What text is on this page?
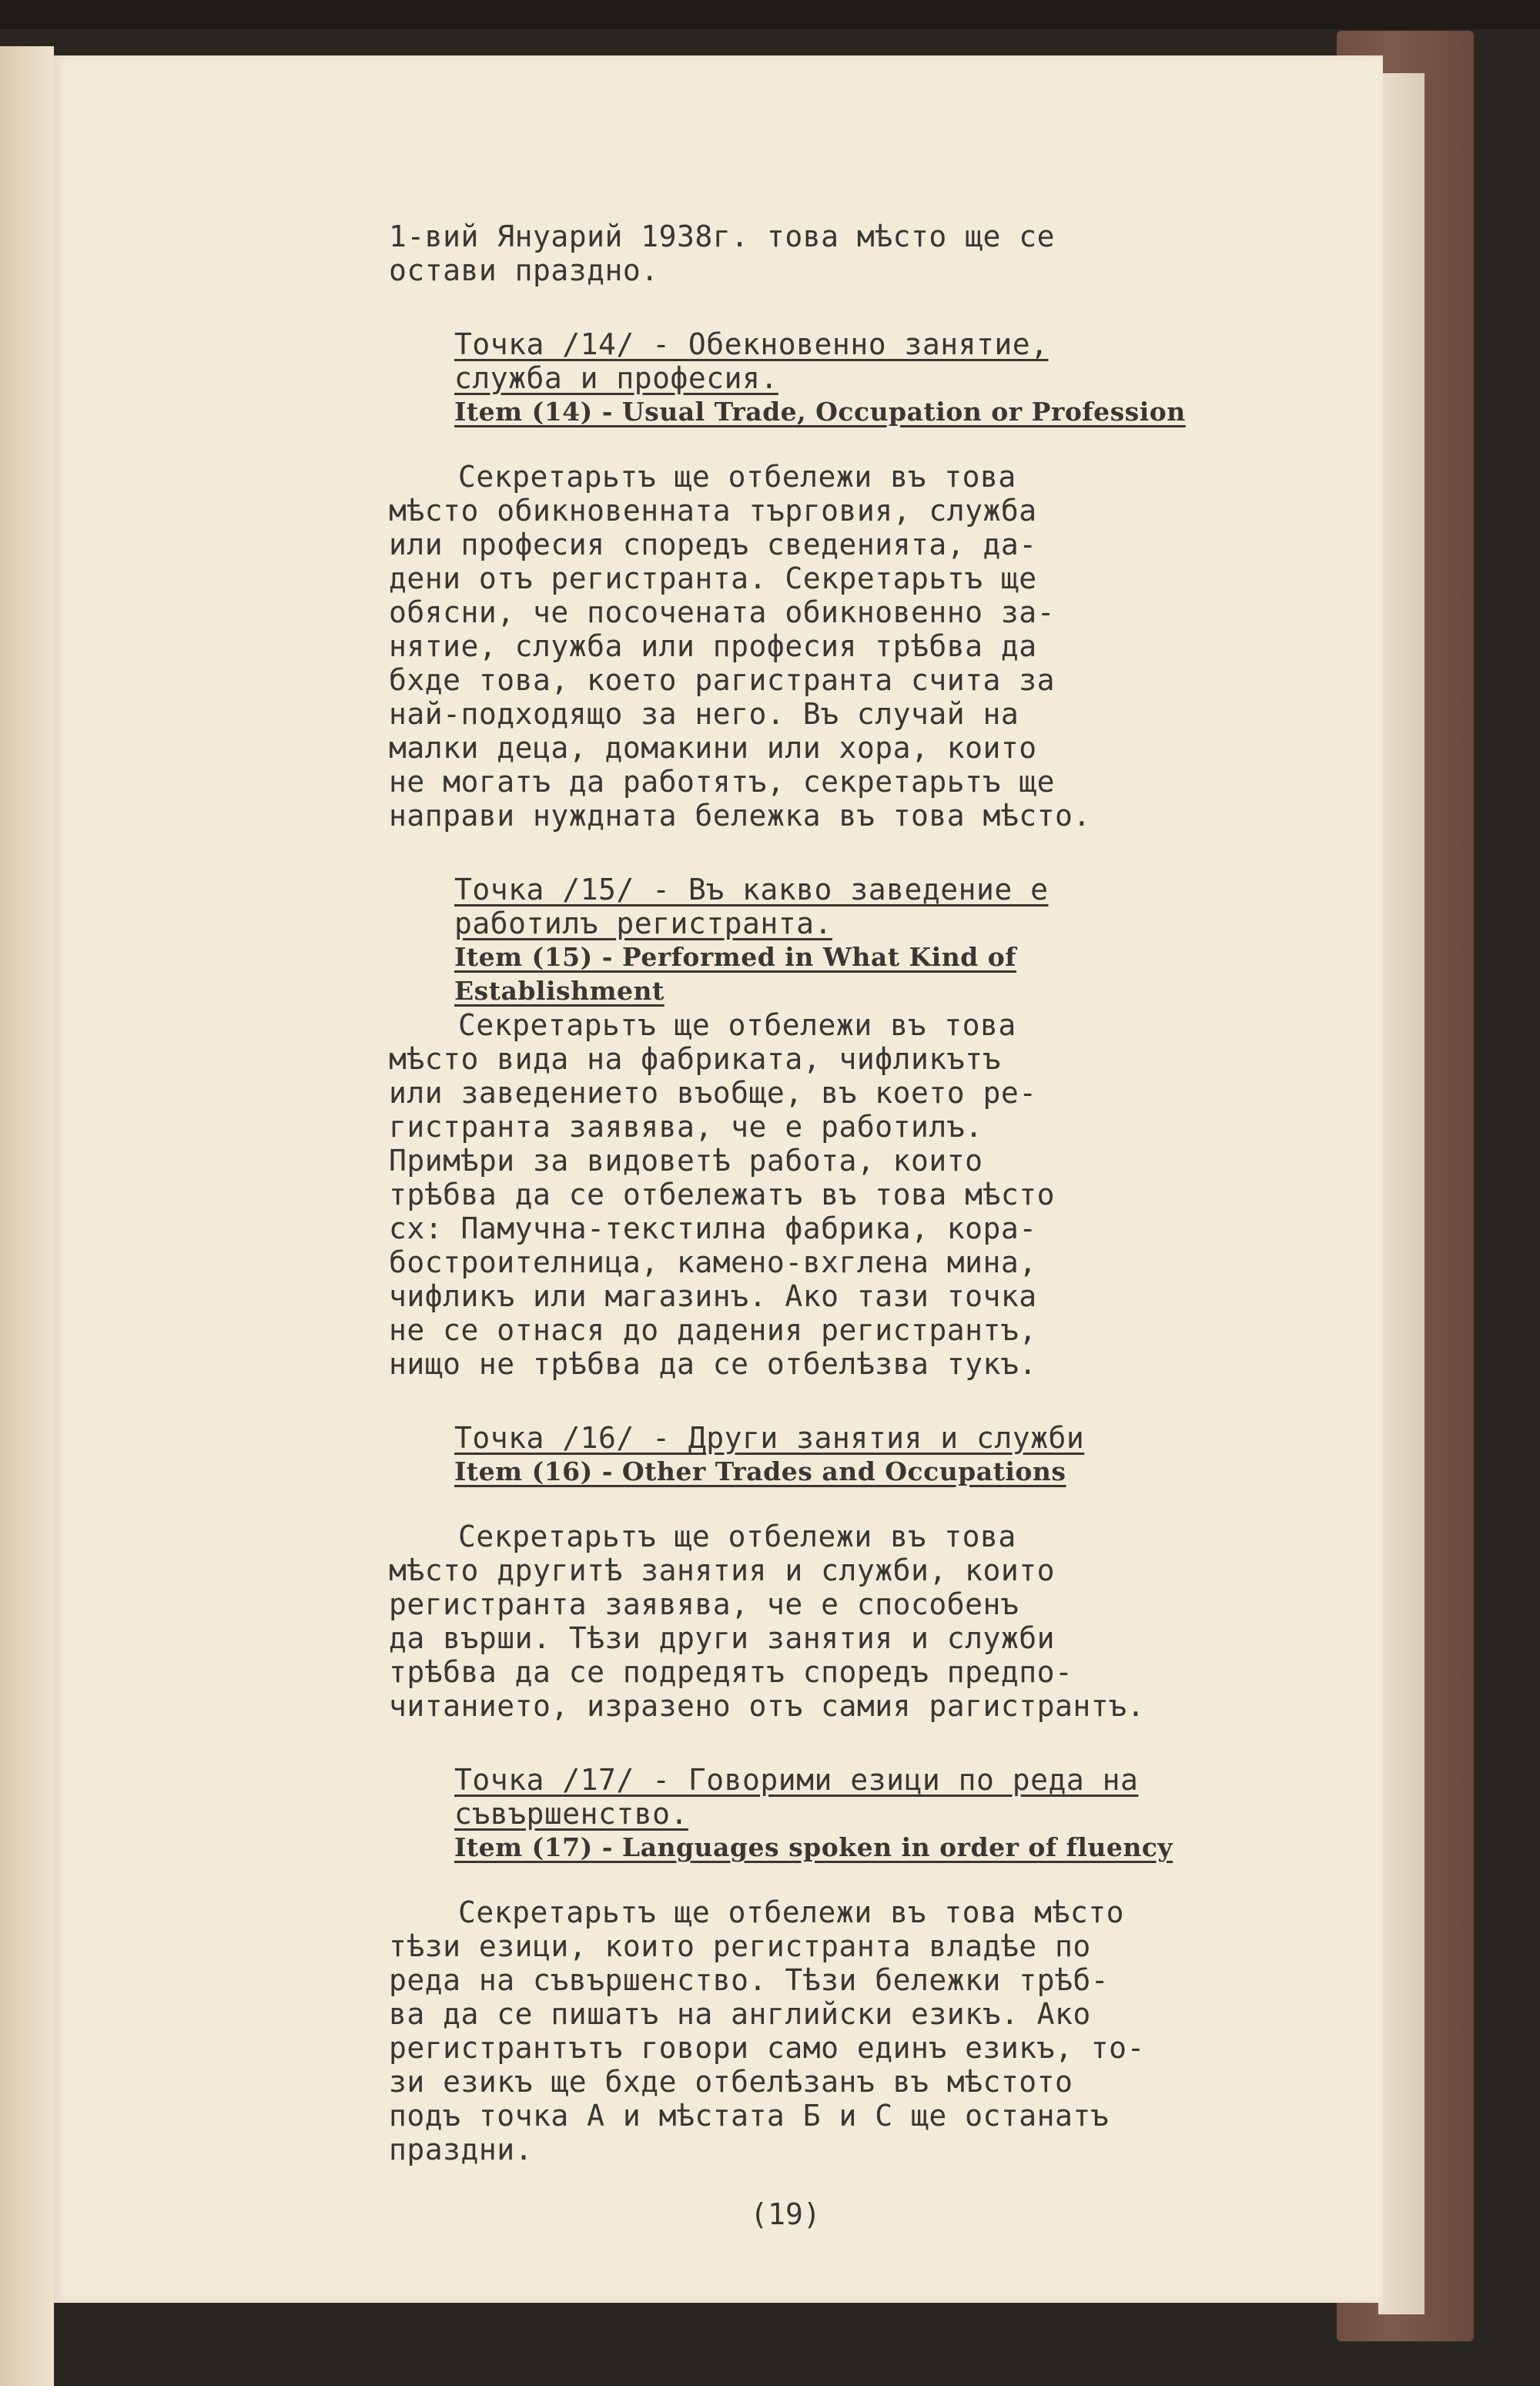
1-вий Януарий 1938г. това мѣсто ще се
остави праздно.

Точка /14/ - Обекновенно занятие,
служба и професия.

Item (14) - Usual Trade, Occupation or Profession

Секретарьтъ ще отбележи въ това
мѣсто обикновенната търговия, служба
или професия споредъ сведенията, да-
дени отъ регистранта. Секретарьтъ ще
обясни, че посочената обикновенно за-
нятие, служба или професия трѣбва да
бхде това, което рагистранта счита за
най-подходящо за него. Въ случай на
малки деца, домакини или хора, които
не могатъ да работятъ, секретарьтъ ще
направи нуждната бележка въ това мѣсто.

Точка /15/ - Въ какво заведение е
работилъ регистранта.

Item (15) - Performed in What Kind of
Establishment

Секретарьтъ ще отбележи въ това
мѣсто вида на фабриката, чифликътъ
или заведението въобще, въ което ре-
гистранта заявява, че е работилъ.
Примѣри за видоветѣ работа, които
трѣбва да се отбележатъ въ това мѣсто
сх: Памучна-текстилна фабрика, кора-
бостроителница, камено-вхглена мина,
чифликъ или магазинъ. Ако тази точка
не се отнася до дадения регистрантъ,
нищо не трѣбва да се отбелѣзва тукъ.

Точка /16/ - Други занятия и служби

Item (16) - Other Trades and Occupations

Секретарьтъ ще отбележи въ това
мѣсто другитѣ занятия и служби, които
регистранта заявява, че е способенъ
да върши. Тѣзи други занятия и служби
трѣбва да се подредятъ споредъ предпо-
читанието, изразено отъ самия рагистрантъ.

Точка /17/ - Говорими езици по реда на
съвършенство.

Item (17) - Languages spoken in order of fluency

Секретарьтъ ще отбележи въ това мѣсто
тѣзи езици, които регистранта владѣе по
реда на съвършенство. Тѣзи бележки трѣб-
ва да се пишатъ на английски езикъ. Ако
регистрантътъ говори само единъ езикъ, то-
зи езикъ ще бхде отбелѣзанъ въ мѣстото
подъ точка А и мѣстата Б и С ще останатъ
праздни.

(19)
